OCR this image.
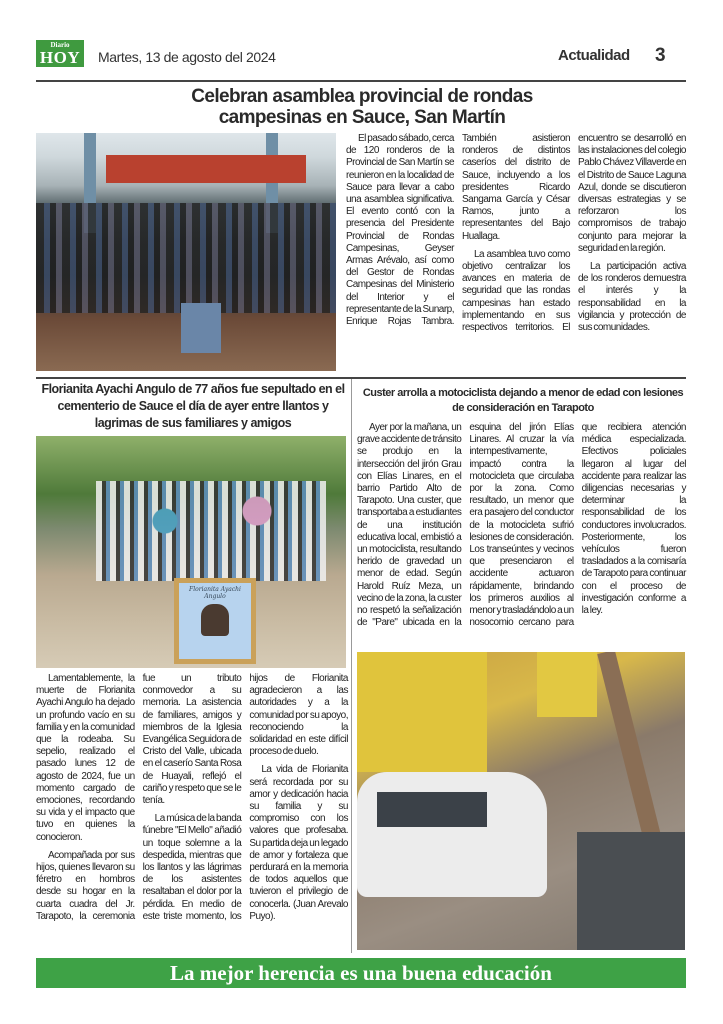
Diario
HOY Martes, 13 de agosto del 2024	Actualidad 3
Celebran asamblea provincial de rondas
campesinas en Sauce, San Martín

El pasado sábado, cerca de 120 ronderos de la Provincial de San Martín se reunieron en la localidad de Sauce para llevar a cabo una asamblea significativa. El evento contó con la presencia del Presidente Provincial de Rondas Campesinas, Geyser Armas Arévalo, así como del Gestor de Rondas Campesinas del Ministerio del Interior y el representante de la Sunarp, Enrique Rojas Tambra. También asistieron ronderos de distintos caseríos del distrito de Sauce, incluyendo a los presidentes Ricardo Sangama García y César Ramos, junto a representantes del Bajo Huallaga.

La asamblea tuvo como objetivo centralizar los avances en materia de seguridad que las rondas campesinas han estado implementando en sus respectivos territorios. El encuentro se desarrolló en las instalaciones del colegio Pablo Chávez Villaverde en el Distrito de Sauce Laguna Azul, donde se discutieron diversas estrategias y se reforzaron los compromisos de trabajo conjunto para mejorar la seguridad en la región.

La participación activa de los ronderos demuestra el interés y la responsabilidad en la vigilancia y protección de sus comunidades.

Florianita Ayachi Angulo de 77 años fue sepultado en el cementerio de Sauce el día de ayer entre llantos y lagrimas de sus familiares y amigos
Florianita Ayachi Angulo

Lamentablemente, la muerte de Florianita Ayachi Angulo ha dejado un profundo vacío en su familia y en la comunidad que la rodeaba. Su sepelio, realizado el pasado lunes 12 de agosto de 2024, fue un momento cargado de emociones, recordando su vida y el impacto que tuvo en quienes la conocieron.

Acompañada por sus hijos, quienes llevaron su féretro en hombros desde su hogar en la cuarta cuadra del Jr. Tarapoto, la ceremonia fue un tributo conmovedor a su memoria. La asistencia de familiares, amigos y miembros de la Iglesia Evangélica Seguidora de Cristo del Valle, ubicada en el caserío Santa Rosa de Huayali, reflejó el cariño y respeto que se le tenía.

La música de la banda fúnebre "El Mello" añadió un toque solemne a la despedida, mientras que los llantos y las lágrimas de los asistentes resaltaban el dolor por la pérdida. En medio de este triste momento, los hijos de Florianita agradecieron a las autoridades y a la comunidad por su apoyo, reconociendo la solidaridad en este difícil proceso de duelo.

La vida de Florianita será recordada por su amor y dedicación hacia su familia y su compromiso con los valores que profesaba. Su partida deja un legado de amor y fortaleza que perdurará en la memoria de todos aquellos que tuvieron el privilegio de conocerla. (Juan Arevalo Puyo).

Custer arrolla a motociclista dejando a menor de edad con lesiones de consideración en Tarapoto

Ayer por la mañana, un grave accidente de tránsito se produjo en la intersección del jirón Grau con Elías Linares, en el barrio Partido Alto de Tarapoto. Una custer, que transportaba a estudiantes de una institución educativa local, embistió a un motociclista, resultando herido de gravedad un menor de edad. Según Harold Ruíz Meza, un vecino de la zona, la custer no respetó la señalización de "Pare" ubicada en la esquina del jirón Elías Linares. Al cruzar la vía intempestivamente, impactó contra la motocicleta que circulaba por la zona. Como resultado, un menor que era pasajero del conductor de la motocicleta sufrió lesiones de consideración. Los transeúntes y vecinos que presenciaron el accidente actuaron rápidamente, brindando los primeros auxilios al menor y trasladándolo a un nosocomio cercano para que recibiera atención médica especializada. Efectivos policiales llegaron al lugar del accidente para realizar las diligencias necesarias y determinar la responsabilidad de los conductores involucrados. Posteriormente, los vehículos fueron trasladados a la comisaría de Tarapoto para continuar con el proceso de investigación conforme a la ley.

La mejor herencia es una buena educación
